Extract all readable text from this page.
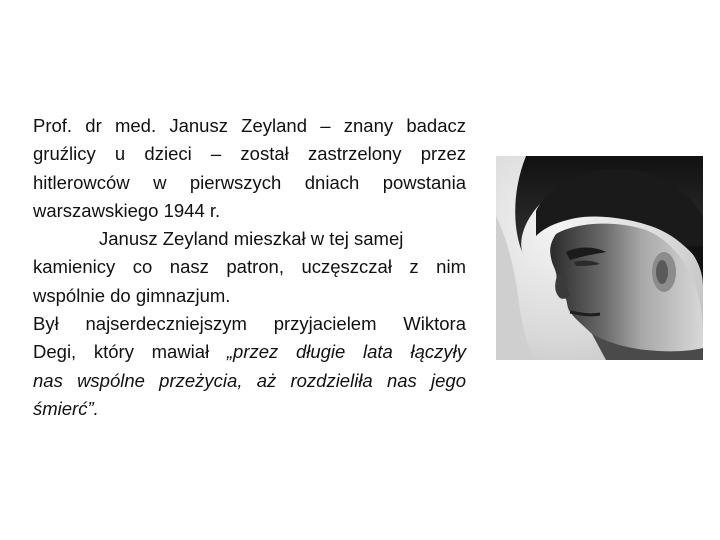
Prof. dr med. Janusz Zeyland – znany badacz
gruźlicy u dzieci – został zastrzelony przez
hitlerowców w pierwszych dniach powstania
warszawskiego 1944 r.

Janusz Zeyland mieszkał w tej samej
kamienicy co nasz patron, uczęszczał z nim
wspólnie do gimnazjum.

Był najserdeczniejszym przyjacielem Wiktora
Degi, który mawiał „przez długie lata łączyły
nas wspólne przeżycia, aż rozdzieliła nas jego
śmierć”.
